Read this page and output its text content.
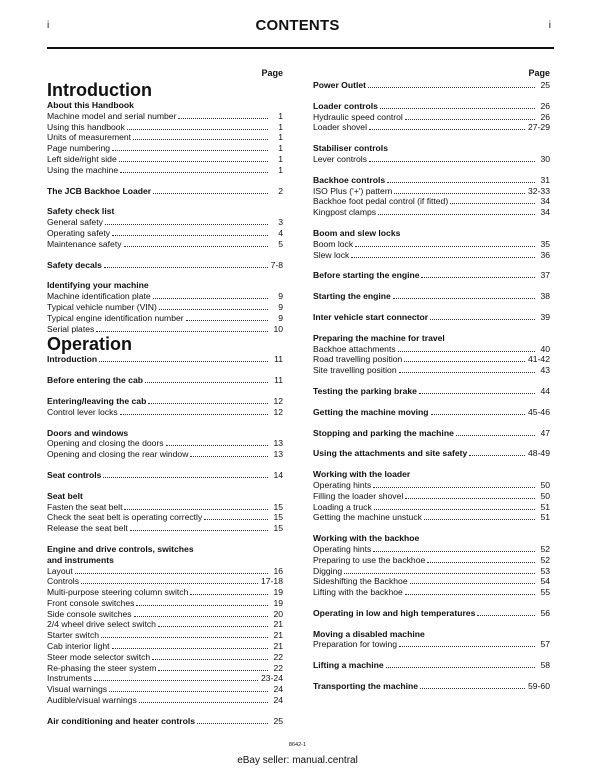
i	CONTENTS	i
Page
Introduction
About this Handbook
Machine model and serial number	1
Using this handbook	1
Units of measurement	1
Page numbering	1
Left side/right side	1
Using the machine	1
The JCB Backhoe Loader	2
Safety check list
General safety	3
Operating safety	4
Maintenance safety	5
Safety decals	7-8
Identifying your machine
Machine identification plate	9
Typical vehicle number (VIN)	9
Typical engine identification number	9
Serial plates	10
Operation
Introduction	11
Before entering the cab	11
Entering/leaving the cab	12
Control lever locks	12
Doors and windows
Opening and closing the doors	13
Opening and closing the rear window	13
Seat controls	14
Seat belt
Fasten the seat belt	15
Check the seat belt is operating correctly	15
Release the seat belt	15
Engine and drive controls, switches
and instruments
Layout	16
Controls	17-18
Multi-purpose steering column switch	19
Front console switches	19
Side console switches	20
2/4 wheel drive select switch	21
Starter switch	21
Cab interior light	21
Steer mode selector switch	22
Re-phasing the steer system	22
Instruments	23-24
Visual warnings	24
Audible/visual warnings	24
Air conditioning and heater controls	25
Page
Power Outlet	25
Loader controls	26
Hydraulic speed control	26
Loader shovel	27-29
Stabiliser controls
Lever controls	30
Backhoe controls	31
ISO Plus ('+') pattern	32-33
Backhoe foot pedal control (if fitted)	34
Kingpost clamps	34
Boom and slew locks
Boom lock	35
Slew lock	36
Before starting the engine	37
Starting the engine	38
Inter vehicle start connector	39
Preparing the machine for travel
Backhoe attachments	40
Road travelling position	41-42
Site travelling position	43
Testing the parking brake	44
Getting the machine moving	45-46
Stopping and parking the machine	47
Using the attachments and site safety	48-49
Working with the loader
Operating hints	50
Filling the loader shovel	50
Loading a truck	51
Getting the machine unstuck	51
Working with the backhoe
Operating hints	52
Preparing to use the backhoe	52
Digging	53
Sideshifting the Backhoe	54
Lifting with the backhoe	55
Operating in low and high temperatures	56
Moving a disabled machine
Preparation for towing	57
Lifting a machine	58
Transporting the machine	59-60
8642-1
eBay seller: manual.central
